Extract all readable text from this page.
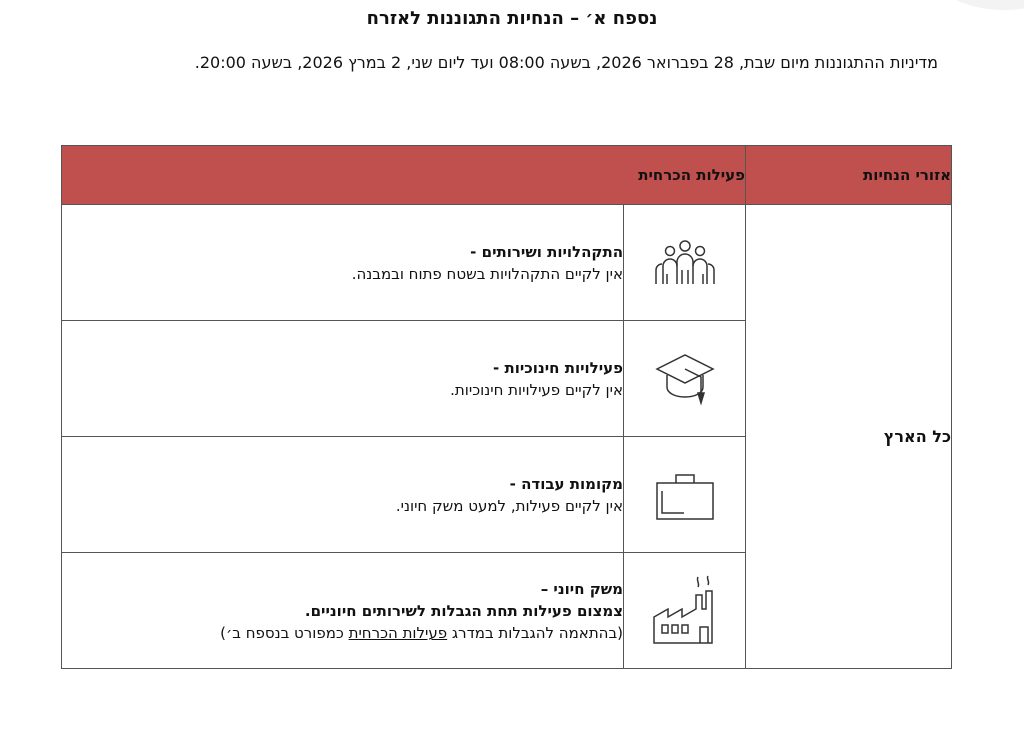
נספח א׳ – הנחיות התגוננות לאזרח
מדיניות ההתגוננות מיום שבת, 28 בפברואר 2026, בשעה 08:00 ועד ליום שני, 2 במרץ 2026, בשעה 20:00.
אזורי הנחיות	פעילות הכרחית	
כל הארץ		התקהלויות ושירותים -
אין לקיים התקהלויות בשטח פתוח ובמבנה.

פעילויות חינוכיות -
אין לקיים פעילויות חינוכיות.

מקומות עבודה -
אין לקיים פעילות, למעט משק חיוני.

משק חיוני –
צמצום פעילות תחת הגבלות לשירותים חיוניים.
(בהתאמה להגבלות במדרג פעילות הכרחית כמפורט בנספח ב׳)
